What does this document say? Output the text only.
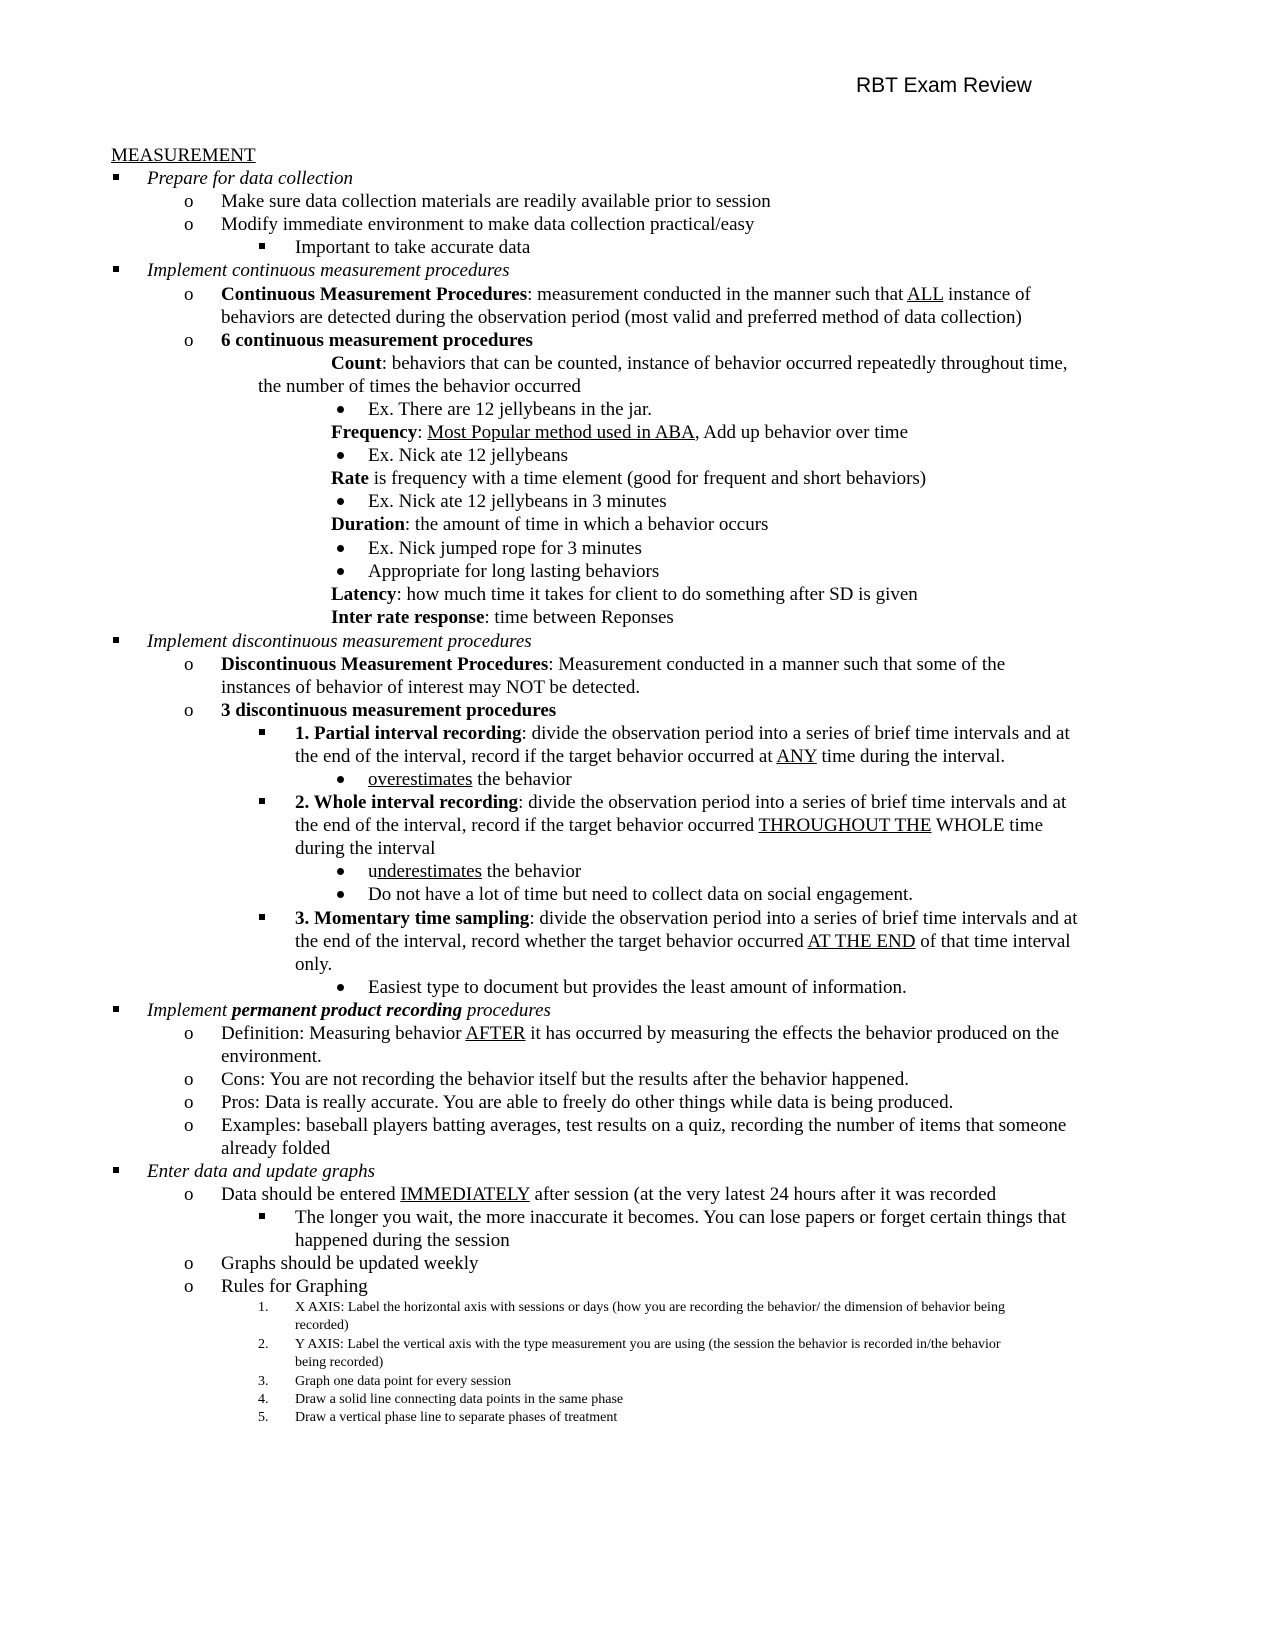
RBT Exam Review
MEASUREMENT
Prepare for data collection
o Make sure data collection materials are readily available prior to session
o Modify immediate environment to make data collection practical/easy
Important to take accurate data
Implement continuous measurement procedures
o Continuous Measurement Procedures: measurement conducted in the manner such that ALL instance of
behaviors are detected during the observation period (most valid and preferred method of data collection)
o 6 continuous measurement procedures
Count: behaviors that can be counted, instance of behavior occurred repeatedly throughout time,
the number of times the behavior occurred
Ex. There are 12 jellybeans in the jar.
Frequency: Most Popular method used in ABA, Add up behavior over time
Ex. Nick ate 12 jellybeans
Rate is frequency with a time element (good for frequent and short behaviors)
Ex. Nick ate 12 jellybeans in 3 minutes
Duration: the amount of time in which a behavior occurs
Ex. Nick jumped rope for 3 minutes
Appropriate for long lasting behaviors
Latency: how much time it takes for client to do something after SD is given
Inter rate response: time between Reponses
Implement discontinuous measurement procedures
o Discontinuous Measurement Procedures: Measurement conducted in a manner such that some of the
instances of behavior of interest may NOT be detected.
o 3 discontinuous measurement procedures
1. Partial interval recording: divide the observation period into a series of brief time intervals and at
the end of the interval, record if the target behavior occurred at ANY time during the interval.
overestimates the behavior
2. Whole interval recording: divide the observation period into a series of brief time intervals and at
the end of the interval, record if the target behavior occurred THROUGHOUT THE WHOLE time
during the interval
underestimates the behavior
Do not have a lot of time but need to collect data on social engagement.
3. Momentary time sampling: divide the observation period into a series of brief time intervals and at
the end of the interval, record whether the target behavior occurred AT THE END of that time interval
only.
Easiest type to document but provides the least amount of information.
Implement permanent product recording procedures
o Definition: Measuring behavior AFTER it has occurred by measuring the effects the behavior produced on the
environment.
o Cons: You are not recording the behavior itself but the results after the behavior happened.
o Pros: Data is really accurate. You are able to freely do other things while data is being produced.
o Examples: baseball players batting averages, test results on a quiz, recording the number of items that someone
already folded
Enter data and update graphs
o Data should be entered IMMEDIATELY after session (at the very latest 24 hours after it was recorded
The longer you wait, the more inaccurate it becomes. You can lose papers or forget certain things that
happened during the session
o Graphs should be updated weekly
o Rules for Graphing
1. X AXIS: Label the horizontal axis with sessions or days (how you are recording the behavior/ the dimension of behavior being
recorded)
2. Y AXIS: Label the vertical axis with the type measurement you are using (the session the behavior is recorded in/the behavior
being recorded)
3. Graph one data point for every session
4. Draw a solid line connecting data points in the same phase
5. Draw a vertical phase line to separate phases of treatment
